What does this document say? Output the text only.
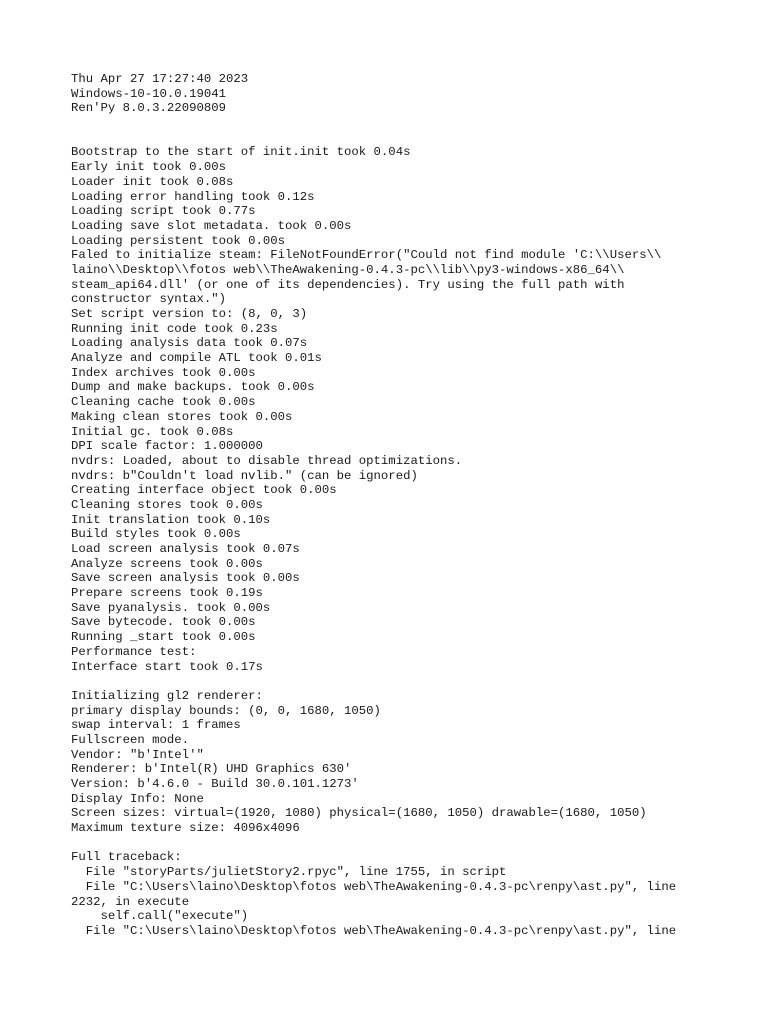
Thu Apr 27 17:27:40 2023
Windows-10-10.0.19041
Ren'Py 8.0.3.22090809
Bootstrap to the start of init.init took 0.04s
Early init took 0.00s
Loader init took 0.08s
Loading error handling took 0.12s
Loading script took 0.77s
Loading save slot metadata. took 0.00s
Loading persistent took 0.00s
Faled to initialize steam: FileNotFoundError("Could not find module 'C:\\Users\\
laino\\Desktop\\fotos web\\TheAwakening-0.4.3-pc\\lib\\py3-windows-x86_64\\
steam_api64.dll' (or one of its dependencies). Try using the full path with
constructor syntax.")
Set script version to: (8, 0, 3)
Running init code took 0.23s
Loading analysis data took 0.07s
Analyze and compile ATL took 0.01s
Index archives took 0.00s
Dump and make backups. took 0.00s
Cleaning cache took 0.00s
Making clean stores took 0.00s
Initial gc. took 0.08s
DPI scale factor: 1.000000
nvdrs: Loaded, about to disable thread optimizations.
nvdrs: b"Couldn't load nvlib." (can be ignored)
Creating interface object took 0.00s
Cleaning stores took 0.00s
Init translation took 0.10s
Build styles took 0.00s
Load screen analysis took 0.07s
Analyze screens took 0.00s
Save screen analysis took 0.00s
Prepare screens took 0.19s
Save pyanalysis. took 0.00s
Save bytecode. took 0.00s
Running _start took 0.00s
Performance test:
Interface start took 0.17s
Initializing gl2 renderer:
primary display bounds: (0, 0, 1680, 1050)
swap interval: 1 frames
Fullscreen mode.
Vendor: "b'Intel'"
Renderer: b'Intel(R) UHD Graphics 630'
Version: b'4.6.0 - Build 30.0.101.1273'
Display Info: None
Screen sizes: virtual=(1920, 1080) physical=(1680, 1050) drawable=(1680, 1050)
Maximum texture size: 4096x4096
Full traceback:
File "storyParts/julietStory2.rpyc", line 1755, in script
File "C:\Users\laino\Desktop\fotos web\TheAwakening-0.4.3-pc\renpy\ast.py", line
2232, in execute
self.call("execute")
File "C:\Users\laino\Desktop\fotos web\TheAwakening-0.4.3-pc\renpy\ast.py", line
